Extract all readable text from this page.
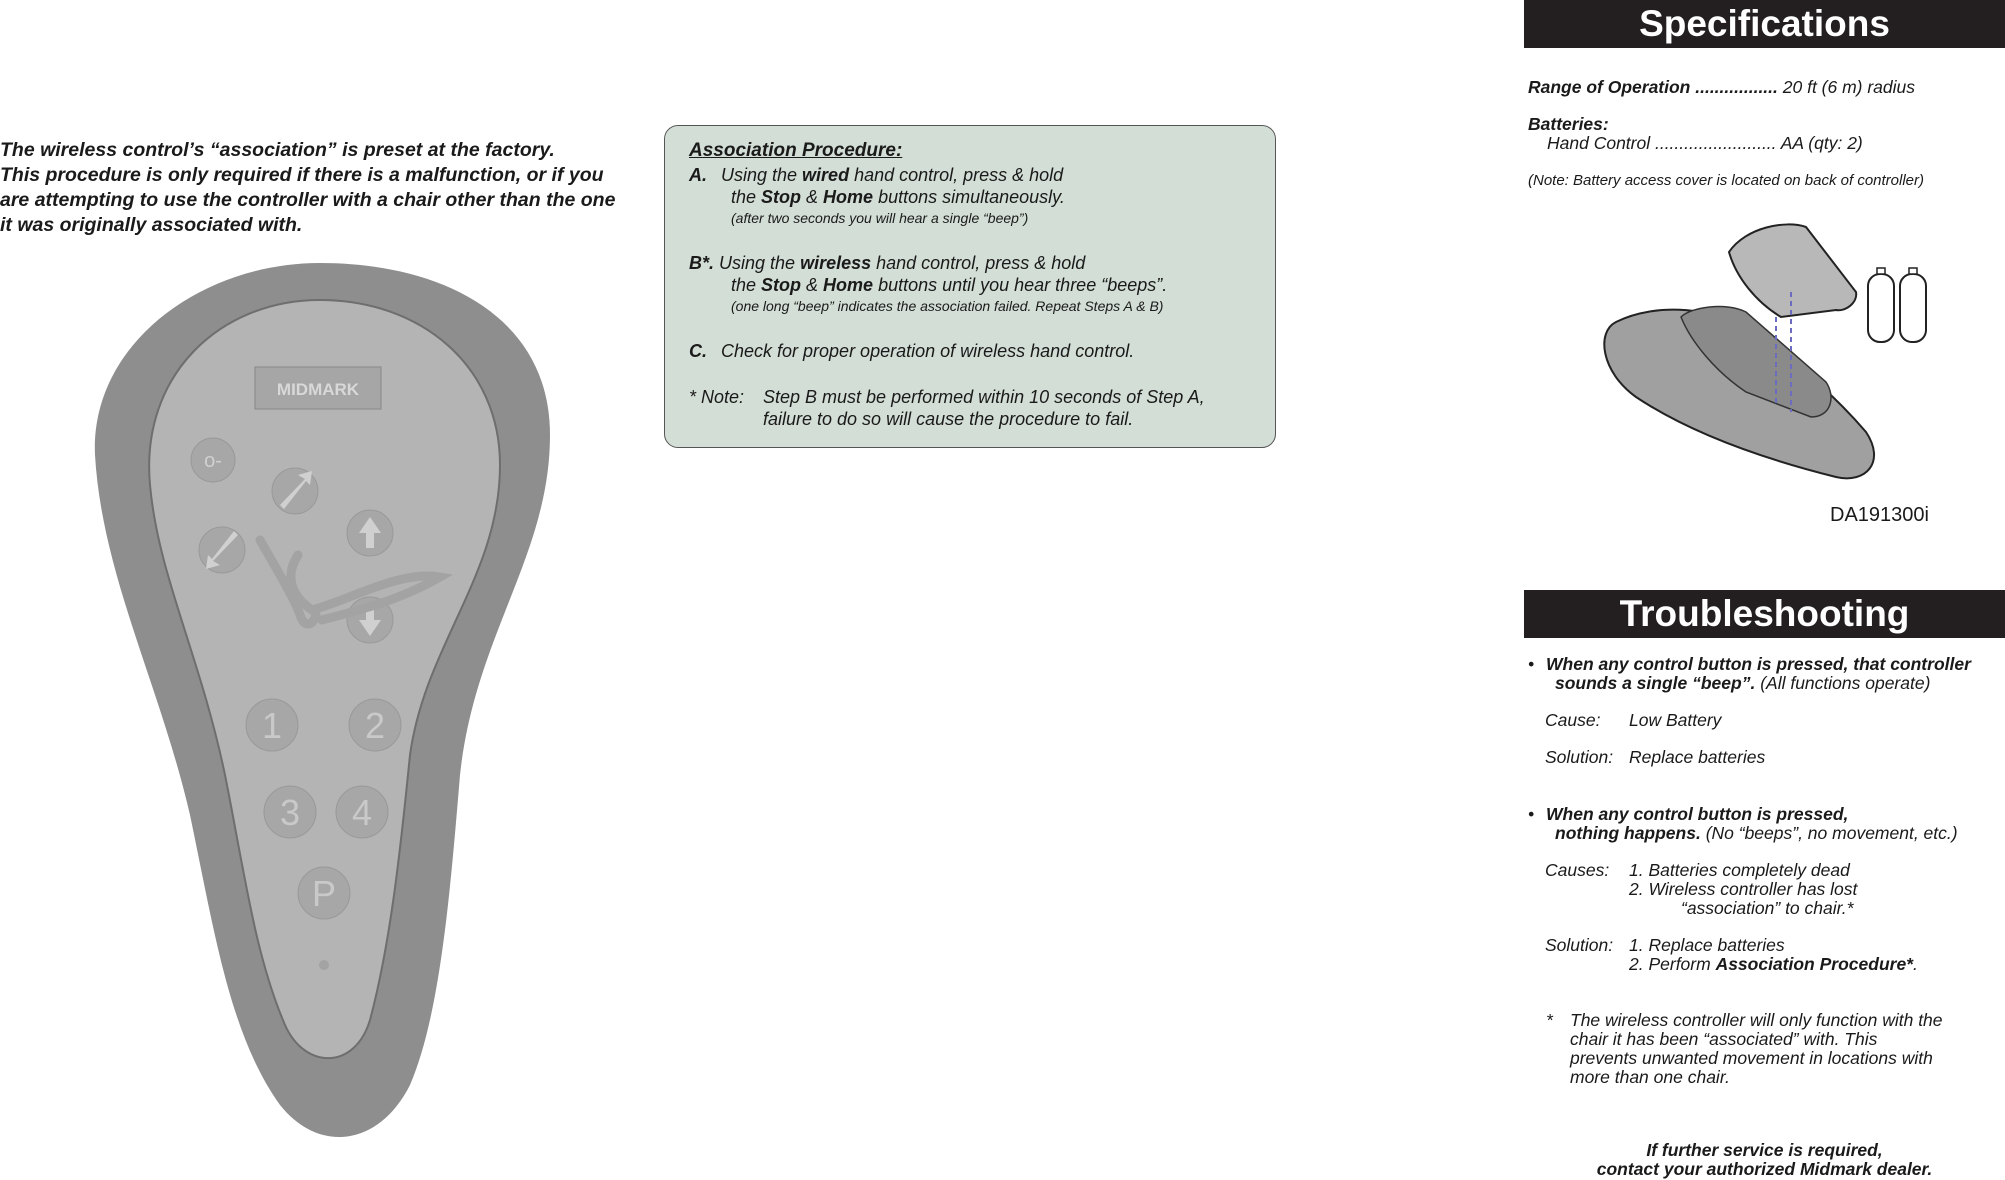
The wireless control’s “association” is preset at the factory.
This procedure is only required if there is a malfunction, or if you
are attempting to use the controller with a chair other than the one
it was originally associated with.
Association Procedure:
A. Using the wired hand control, press & hold
the Stop & Home buttons simultaneously.
(after two seconds you will hear a single “beep”)
B*. Using the wireless hand control, press & hold
the Stop & Home buttons until you hear three “beeps”.
(one long “beep” indicates the association failed. Repeat Steps A & B)
C. Check for proper operation of wireless hand control.
* Note:	Step B must be performed within 10 seconds of Step A,
failure to do so will cause the procedure to fail.
MIDMARK
o-
1 2
3 4
P
Specifications
Range of Operation ................. 20 ft (6 m) radius
Batteries:
Hand Control ......................... AA (qty: 2)
(Note: Battery access cover is located on back of controller)
DA191300i
Troubleshooting
• When any control button is pressed, that controller
sounds a single “beep”. (All functions operate)
Cause:	Low Battery
Solution: Replace batteries
• When any control button is pressed,
nothing happens. (No “beeps”, no movement, etc.)
Causes:	1. Batteries completely dead
2. Wireless controller has lost
“association” to chair.*
Solution: 1. Replace batteries
2. Perform Association Procedure*.
* The wireless controller will only function with the
chair it has been “associated” with. This
prevents unwanted movement in locations with
more than one chair.
If further service is required,
contact your authorized Midmark dealer.
